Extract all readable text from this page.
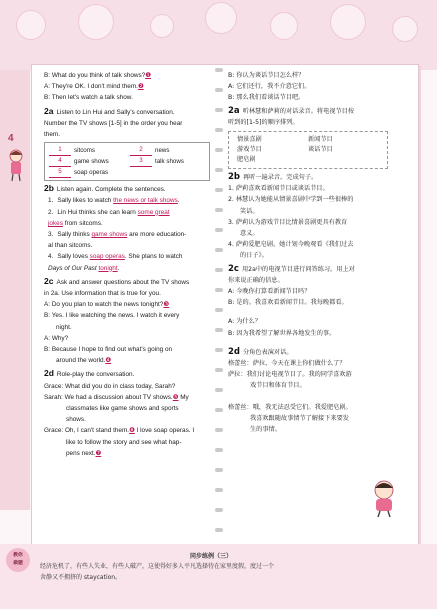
4
B: What do you think of talk shows?❶
A: They're OK. I don't mind them.❷
B: Then let's watch a talk show.
2a Listen to Lin Hui and Sally's conversation.
Number the TV shows [1-5] in the order you hear
them.
1	sitcoms	2	news
4	game shows	3	talk shows
5	soap operas
2b Listen again. Complete the sentences.
1. Sally likes to watch the news or talk shows.
2. Lin Hui thinks she can learn some great
jokes from sitcoms.
3. Sally thinks game shows are more education-
al than sitcoms.
4. Sally loves soap operas. She plans to watch
Days of Our Past tonight.
2c Ask and answer questions about the TV shows
in 2a. Use information that is true for you.
A: Do you plan to watch the news tonight?❸
B: Yes. I like watching the news. I watch it every
night.
A: Why?
B: Because I hope to find out what's going on
around the world.❹
2d Role-play the conversation.
Grace: What did you do in class today, Sarah?
Sarah: We had a discussion about TV shows.❺ My
classmates like game shows and sports
shows.
Grace: Oh, I can't stand them.❻ I love soap operas. I
like to follow the story and see what hap-
pens next.❼
B: 你认为谈话节目怎么样？
A: 它们还行，我不介意它们。
B: 那么我们看谈话节目吧。
2a 听林慧和萨莉的对话录音。将电视节目按
听到的[1-5]的顺序排列。
情景喜剧	新闻节目
游戏节目	谈话节目
肥皂剧
2b 再听一遍录音。完成句子。
1. 萨莉喜欢看新闻节目或谈话节目。
2. 林慧认为她能从情景喜剧中学到一些很棒的
笑话。
3. 萨莉认为游戏节目比情景喜剧更具有教育
意义。
4. 萨莉爱肥皂剧。她计划今晚观看《我们过去
的日子》。
2c 用2a中的电视节目进行问答练习。用上对
你来说正确的信息。
A: 今晚你打算看新闻节目吗？
B: 是的。我喜欢看新闻节目。我每晚都看。
A: 为什么？
B: 因为我希望了解世界各地发生的事。
2d 分角色表演对话。
格蕾丝：萨拉，今天在课上你们做什么了？
萨拉：我们讨论电视节目了。我的同学喜欢游
戏节目和体育节目。
格蕾丝：哦，我无法忍受它们。我爱肥皂剧。
我喜欢跟随故事情节了解接下来要发
生的事情。
教你
做题
同步练例（三）
经济危机了，有些人失业，有些人破产，这使得好多人平凡选择待在家里度假，度过一个
舍静又不拥挤的 staycation。
